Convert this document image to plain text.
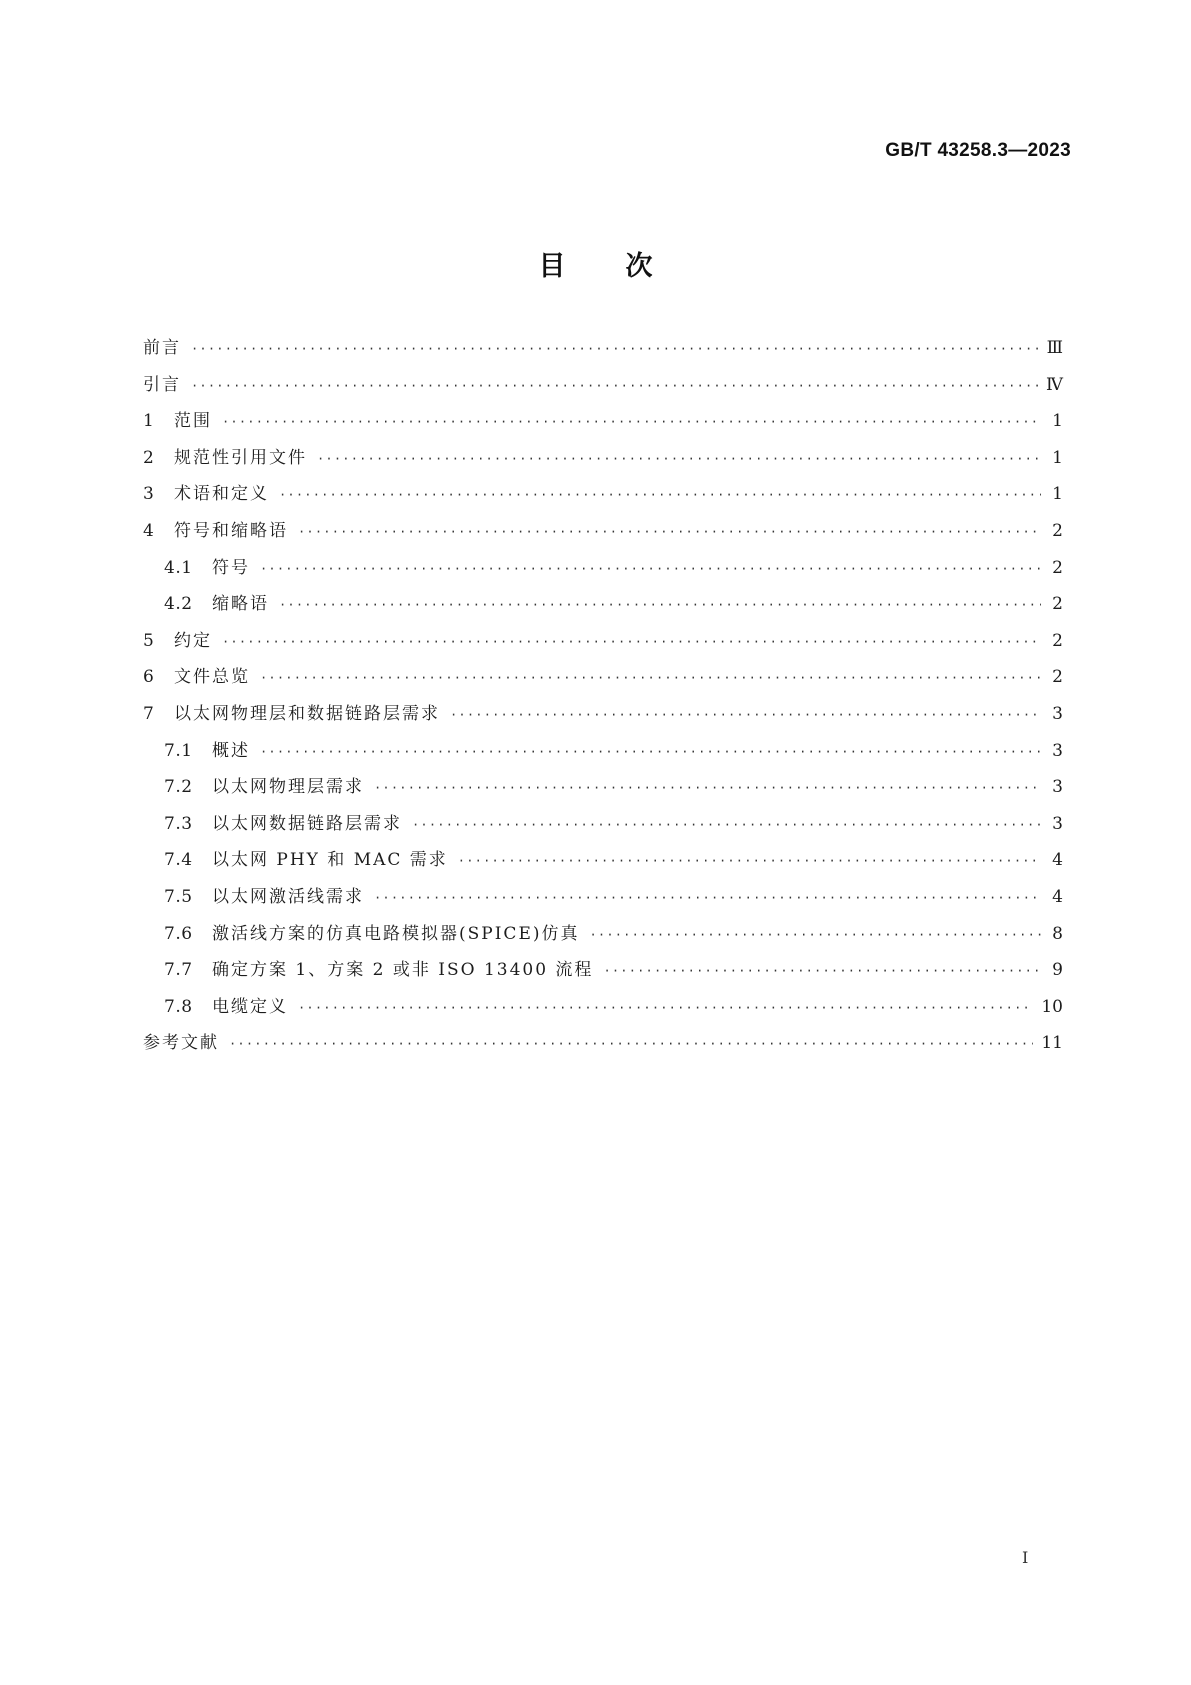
GB/T 43258.3—2023
目 次
前言 ·····	Ⅲ
引言 ·····	Ⅳ
1	范围 ·····	1
2	规范性引用文件 ·····	1
3	术语和定义 ·····	1
4	符号和缩略语 ·····	2
4.1	符号 ·····	2
4.2	缩略语 ·····	2
5	约定 ·····	2
6	文件总览 ·····	2
7	以太网物理层和数据链路层需求 ·····	3
7.1	概述 ·····	3
7.2	以太网物理层需求 ·····	3
7.3	以太网数据链路层需求 ·····	3
7.4	以太网 PHY 和 MAC 需求 ·····	4
7.5	以太网激活线需求 ·····	4
7.6	激活线方案的仿真电路模拟器(SPICE)仿真 ·····	8
7.7	确定方案 1、方案 2 或非 ISO 13400 流程 ·····	9
7.8	电缆定义 ·····	10
参考文献 ·····	11
Ⅰ
